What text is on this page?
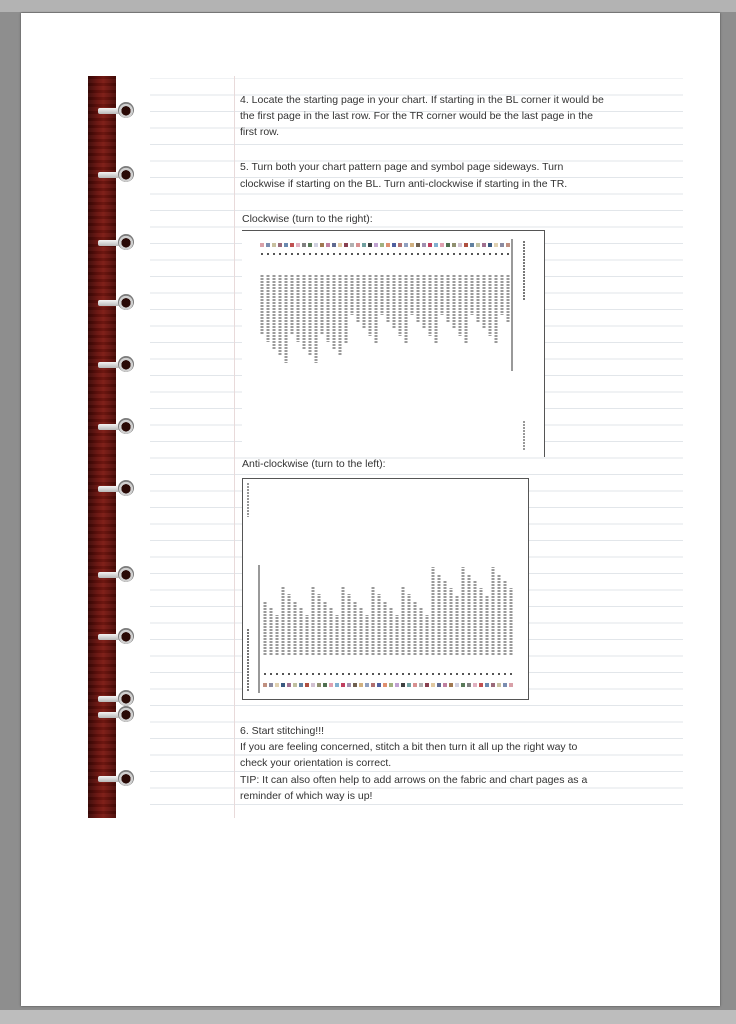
4. Locate the starting page in your chart. If starting in the BL corner it would be
the first page in the last row. For the TR corner would be the last page in the
first row.
5. Turn both your chart pattern page and symbol page sideways. Turn
clockwise if starting on the BL. Turn anti-clockwise if starting in the TR.
Clockwise (turn to the right):
Anti-clockwise (turn to the left):
6. Start stitching!!!
If you are feeling concerned, stitch a bit then turn it all up the right way to
check your orientation is correct.
TIP: It can also often help to add arrows on the fabric and chart pages as a
reminder of which way is up!
